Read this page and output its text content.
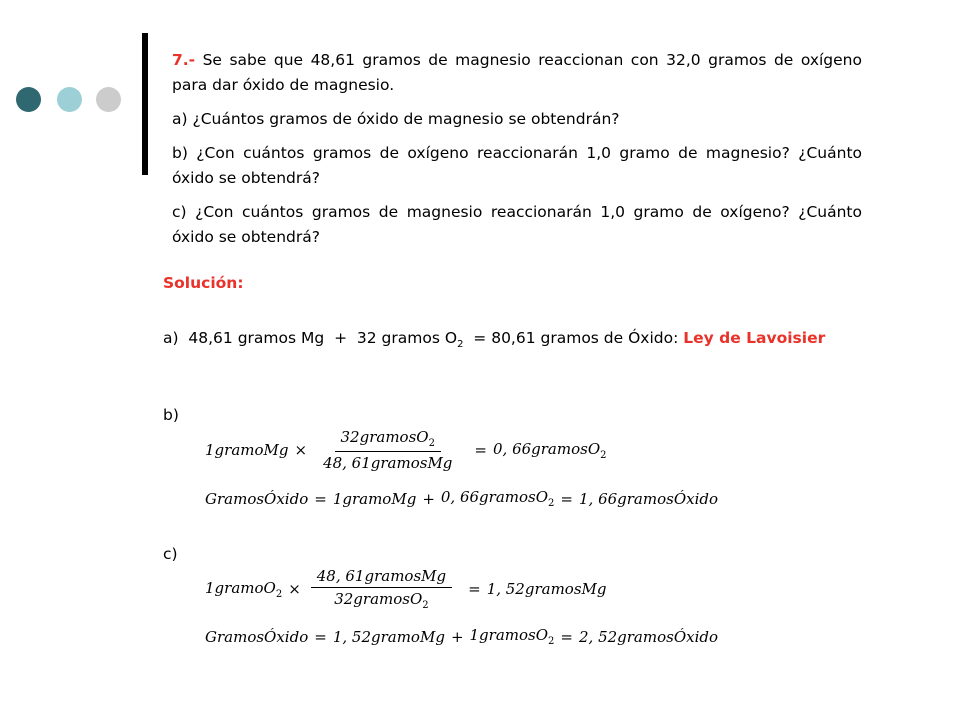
7.- Se sabe que 48,61 gramos de magnesio reaccionan con 32,0 gramos de oxígeno para dar óxido de magnesio.

a) ¿Cuántos gramos de óxido de magnesio se obtendrán?

b) ¿Con cuántos gramos de oxígeno reaccionarán 1,0 gramo de magnesio? ¿Cuánto óxido se obtendrá?

c) ¿Con cuántos gramos de magnesio reaccionarán 1,0 gramo de oxígeno? ¿Cuánto óxido se obtendrá?

Solución:

a) 48,61 gramos Mg  +  32 gramos $O_2 = 80,61$ gramos de Óxido: Ley de Lavoisier

b)
1gramoMg × $\frac{32gramosO_2}{\text{48, 61gramosMg}} = 0$, 66gramosO$_2$
GramosÓxido = 1gramoMg + 0, 66gramosO$_2$ = 1, 66gramosÓxido
c)
1gramoO$_2$ × $\frac{\text{48, 61gramosMg}}{32gramosO_2} = 1$, 52gramosMg
GramosÓxido = 1, 52gramoMg + 1gramosO$_2$ = 2, 52gramosÓxido
